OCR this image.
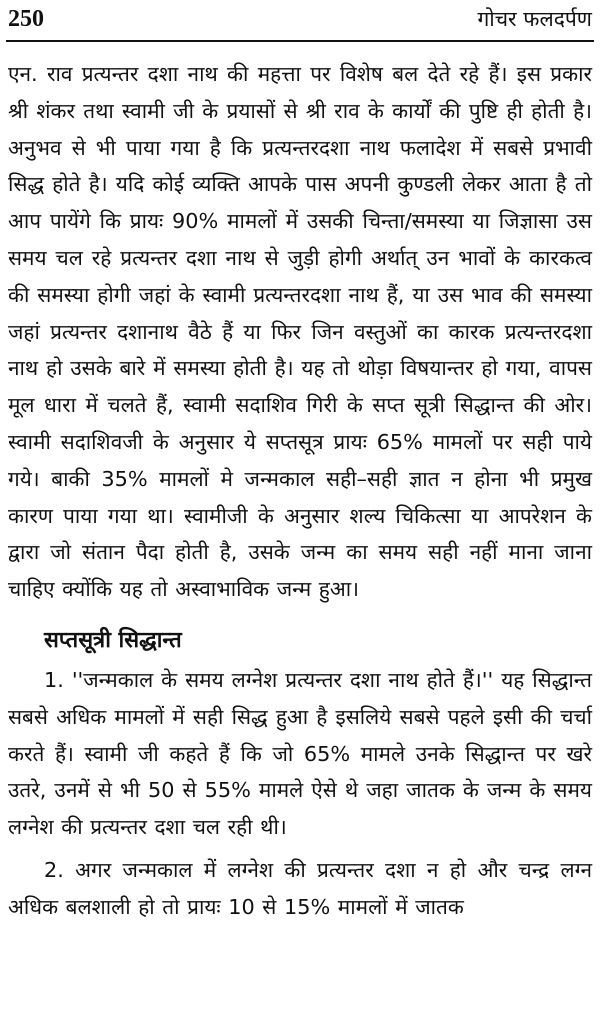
250	गोचर फलदर्पण

एन. राव प्रत्यन्तर दशा नाथ की महत्ता पर विशेष बल देते रहे हैं। इस प्रकार श्री शंकर तथा स्वामी जी के प्रयासों से श्री राव के कार्यों की पुष्टि ही होती है। अनुभव से भी पाया गया है कि प्रत्यन्तरदशा नाथ फलादेश में सबसे प्रभावी सिद्ध होते है। यदि कोई व्यक्ति आपके पास अपनी कुण्डली लेकर आता है तो आप पायेंगे कि प्रायः 90% मामलों में उसकी चिन्ता/समस्या या जिज्ञासा उस समय चल रहे प्रत्यन्तर दशा नाथ से जुड़ी होगी अर्थात् उन भावों के कारकत्व की समस्या होगी जहां के स्वामी प्रत्यन्तरदशा नाथ हैं, या उस भाव की समस्या जहां प्रत्यन्तर दशानाथ वैठे हैं या फिर जिन वस्तुओं का कारक प्रत्यन्तरदशा नाथ हो उसके बारे में समस्या होती है। यह तो थोड़ा विषयान्तर हो गया, वापस मूल धारा में चलते हैं, स्वामी सदाशिव गिरी के सप्त सूत्री सिद्धान्त की ओर। स्वामी सदाशिवजी के अनुसार ये सप्तसूत्र प्रायः 65% मामलों पर सही पाये गये। बाकी 35% मामलों मे जन्मकाल सही–सही ज्ञात न होना भी प्रमुख कारण पाया गया था। स्वामीजी के अनुसार शल्य चिकित्सा या आपरेशन के द्वारा जो संतान पैदा होती है, उसके जन्म का समय सही नहीं माना जाना चाहिए क्योंकि यह तो अस्वाभाविक जन्म हुआ।

सप्तसूत्री सिद्धान्त

1. ''जन्मकाल के समय लग्नेश प्रत्यन्तर दशा नाथ होते हैं।'' यह सिद्धान्त सबसे अधिक मामलों में सही सिद्ध हुआ है इसलिये सबसे पहले इसी की चर्चा करते हैं। स्वामी जी कहते हैं कि जो 65% मामले उनके सिद्धान्त पर खरे उतरे, उनमें से भी 50 से 55% मामले ऐसे थे जहा जातक के जन्म के समय लग्नेश की प्रत्यन्तर दशा चल रही थी।

2. अगर जन्मकाल में लग्नेश की प्रत्यन्तर दशा न हो और चन्द्र लग्न अधिक बलशाली हो तो प्रायः 10 से 15% मामलों में जातक
